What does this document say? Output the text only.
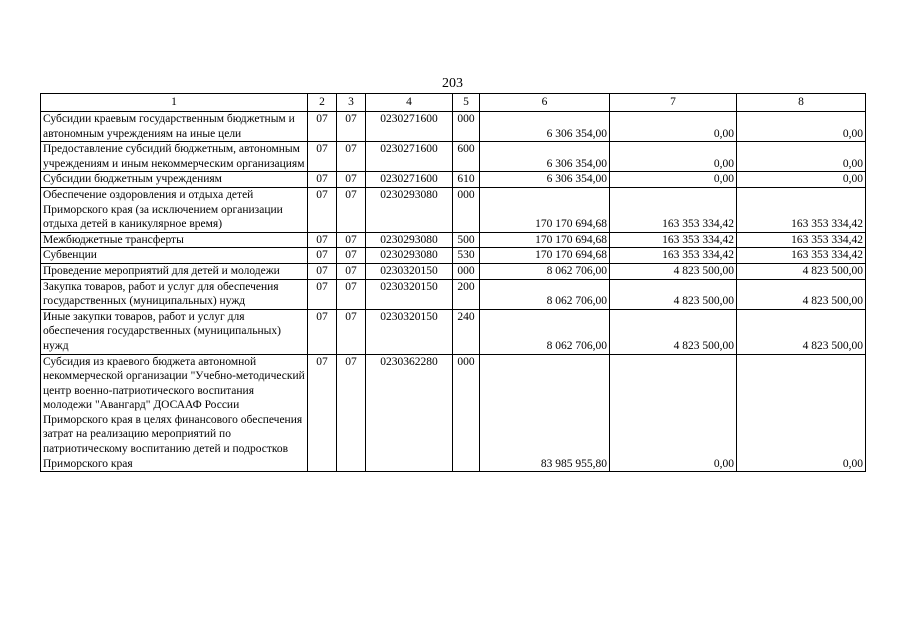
203
1	2	3	4	5	6	7	8
Субсидии краевым государственным бюджетным и автономным учреждениям на иные цели	07	07	0230271600	000	6 306 354,00	0,00	0,00
Предоставление субсидий бюджетным, автономным учреждениям и иным некоммерческим организациям	07	07	0230271600	600	6 306 354,00	0,00	0,00
Субсидии бюджетным учреждениям	07	07	0230271600	610	6 306 354,00	0,00	0,00
Обеспечение оздоровления и отдыха детей Приморского края (за исключением организации отдыха детей в каникулярное время)	07	07	0230293080	000	170 170 694,68	163 353 334,42	163 353 334,42
Межбюджетные трансферты	07	07	0230293080	500	170 170 694,68	163 353 334,42	163 353 334,42
Субвенции	07	07	0230293080	530	170 170 694,68	163 353 334,42	163 353 334,42
Проведение мероприятий для детей и молодежи	07	07	0230320150	000	8 062 706,00	4 823 500,00	4 823 500,00
Закупка товаров, работ и услуг для обеспечения государственных (муниципальных) нужд	07	07	0230320150	200	8 062 706,00	4 823 500,00	4 823 500,00
Иные закупки товаров, работ и услуг для обеспечения государственных (муниципальных) нужд	07	07	0230320150	240	8 062 706,00	4 823 500,00	4 823 500,00
Субсидия из краевого бюджета автономной некоммерческой организации "Учебно-методический центр военно-патриотического воспитания молодежи "Авангард" ДОСААФ России Приморского края в целях финансового обеспечения затрат на реализацию мероприятий по патриотическому воспитанию детей и подростков Приморского края	07	07	0230362280	000	83 985 955,80	0,00	0,00
